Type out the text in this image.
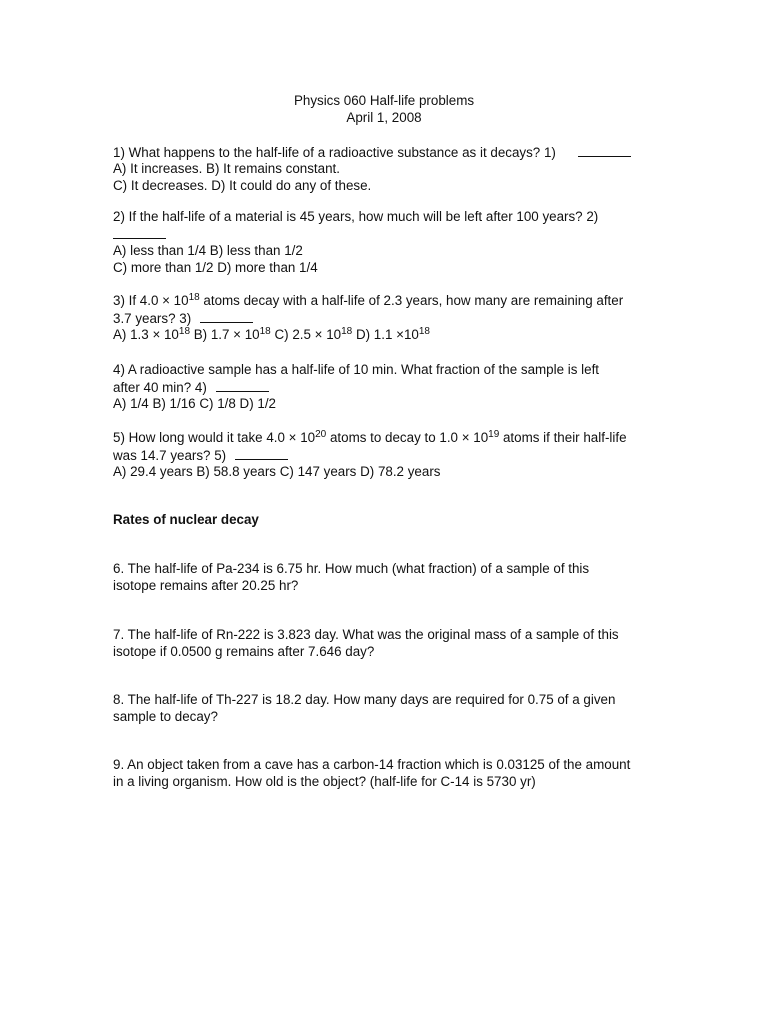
Physics 060 Half-life problems
April 1, 2008
1) What happens to the half-life of a radioactive substance as it decays? 1)
A) It increases. B) It remains constant.
C) It decreases. D) It could do any of these.
2) If the half-life of a material is 45 years, how much will be left after 100 years? 2)
A) less than 1/4 B) less than 1/2
C) more than 1/2 D) more than 1/4
3) If $4.0 \times 10^{18}$ atoms decay with a half-life of 2.3 years, how many are remaining after
3.7 years? 3)
A) $1.3 \times 10^{18}$ B) $1.7 \times 10^{18}$ C) $2.5 \times 10^{18}$ D) $1.1 \times 10^{18}$
4) A radioactive sample has a half-life of 10 min. What fraction of the sample is left
after 40 min? 4)
A) 1/4 B) 1/16 C) 1/8 D) 1/2
5) How long would it take $4.0 \times 10^{20}$ atoms to decay to $1.0 \times 10^{19}$ atoms if their half-life
was 14.7 years? 5)
A) 29.4 years B) 58.8 years C) 147 years D) 78.2 years
Rates of nuclear decay
6. The half-life of Pa-234 is 6.75 hr. How much (what fraction) of a sample of this
isotope remains after 20.25 hr?
7. The half-life of Rn-222 is 3.823 day. What was the original mass of a sample of this
isotope if 0.0500 g remains after 7.646 day?
8. The half-life of Th-227 is 18.2 day. How many days are required for 0.75 of a given
sample to decay?
9. An object taken from a cave has a carbon-14 fraction which is 0.03125 of the amount
in a living organism. How old is the object? (half-life for C-14 is 5730 yr)
